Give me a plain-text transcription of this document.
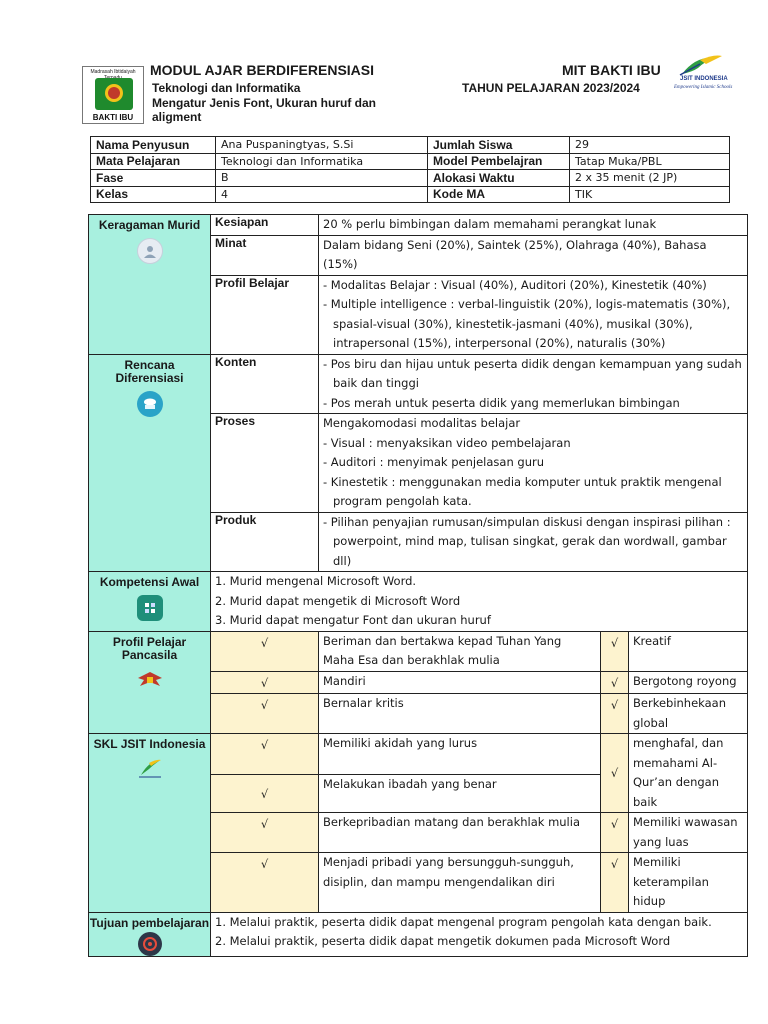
Madrasah Ibtidaiyah
BAKTI IBU
MODUL AJAR BERDIFERENSIASI
Teknologi dan Informatika
Mengatur Jenis Font, Ukuran huruf dan aligment
MIT BAKTI IBU
TAHUN PELAJARAN 2023/2024
JSIT INDONESIA
Empowering Islamic Schools
Nama Penyusun	Ana Puspaningtyas, S.Si	Jumlah Siswa	29
Mata Pelajaran	Teknologi dan Informatika	Model Pembelajran	Tatap Muka/PBL
Fase	B	Alokasi Waktu	2 x 35 menit (2 JP)
Kelas	4	Kode MA	TIK
Keragaman Murid	Kesiapan	20 % perlu bimbingan dalam memahami perangkat lunak		
	Minat	Dalam bidang Seni (20%), Saintek (25%), Olahraga (40%), Bahasa (15%)		
	Profil Belajar	- Modalitas Belajar : Visual (40%), Auditori (20%), Kinestetik (40%)
- Multiple intelligence : verbal-linguistik (20%), logis-matematis (30%), spasial-visual (30%), kinestetik-jasmani (40%), musikal (30%),
intrapersonal (15%), interpersonal (20%), naturalis (30%)		

Rencana Diferensiasi	Konten	- Pos biru dan hijau untuk peserta didik dengan kemampuan yang sudah baik dan tinggi
- Pos merah untuk peserta didik yang memerlukan bimbingan		

	Proses	Mengakomodasi modalitas belajar
- Visual : menyaksikan video pembelajaran
- Auditori : menyimak penjelasan guru
- Kinestetik : menggunakan media komputer untuk praktik mengenal program pengolah kata.		

	Produk	- Pilihan penyajian rumusan/simpulan diskusi dengan inspirasi pilihan : powerpoint, mind map, tulisan singkat, gerak dan wordwall, gambar dll)		

Kompetensi Awal	1. Murid mengenal Microsoft Word.
2. Murid dapat mengetik di Microsoft Word
3. Murid dapat mengatur Font dan ukuran huruf			

Profil Pelajar Pancasila	√	Beriman dan bertakwa kepad Tuhan Yang Maha Esa dan berakhlak mulia	√	Kreatif
	√	Mandiri	√	Bergotong royong
	√	Bernalar kritis	√	Berkebinhekaan global

SKL JSIT Indonesia	√	Memiliki akidah yang lurus	√	menghafal, dan memahami Al- Qur’an dengan baik
	√	Melakukan ibadah yang benar		
	√	Berkepribadian matang dan berakhlak mulia	√	Memiliki wawasan yang luas
	√	Menjadi pribadi yang bersungguh-sungguh, disiplin, dan mampu mengendalikan diri	√	Memiliki keterampilan hidup

Tujuan pembelajaran	1. Melalui praktik, peserta didik dapat mengenal program pengolah kata dengan baik.
2. Melalui praktik, peserta didik dapat mengetik dokumen pada Microsoft Word			
